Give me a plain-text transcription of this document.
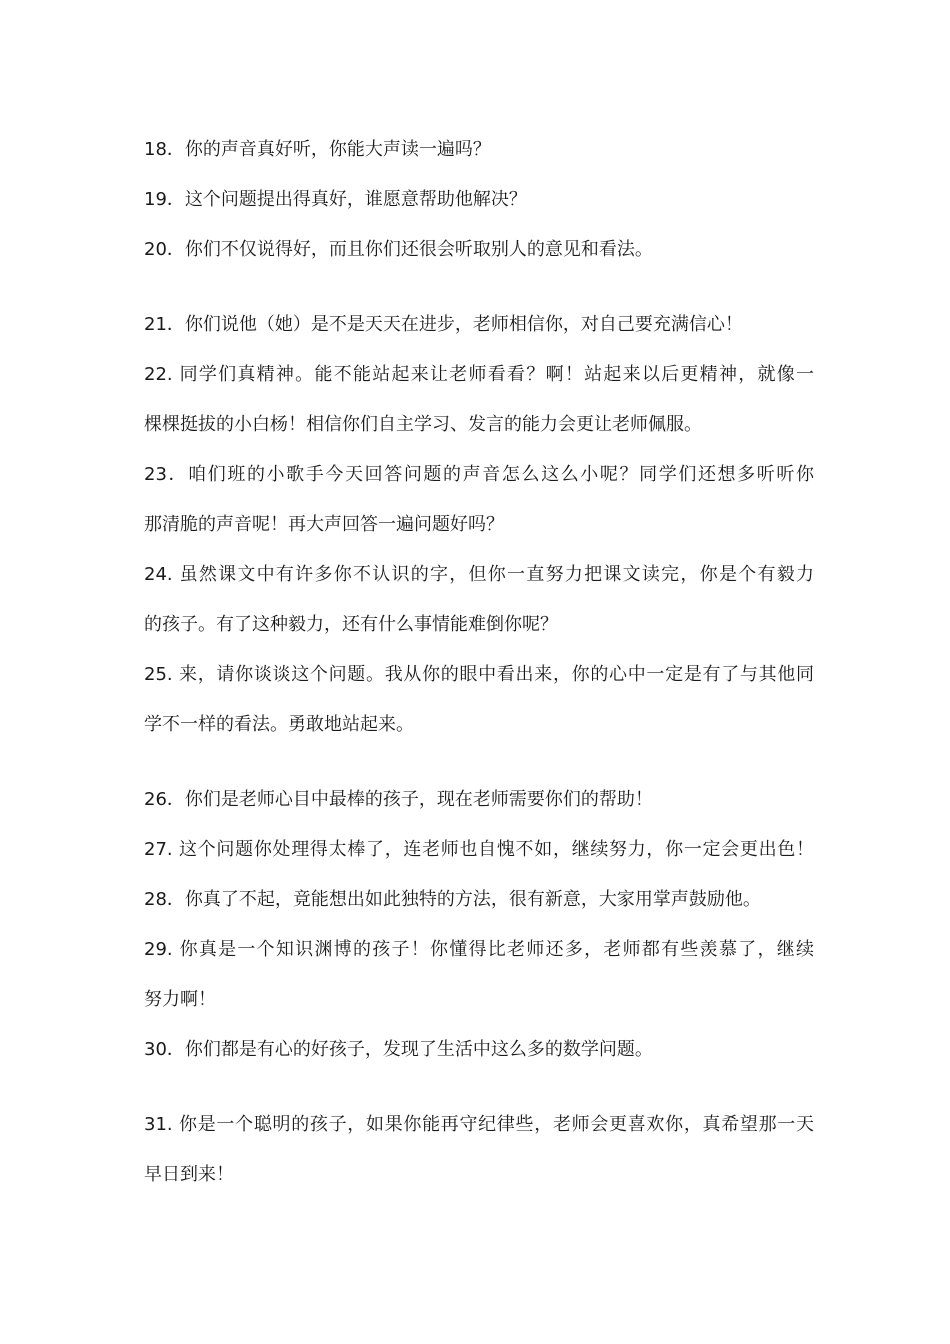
18．你的声音真好听，你能大声读一遍吗？
19．这个问题提出得真好，谁愿意帮助他解决？
20．你们不仅说得好，而且你们还很会听取别人的意见和看法。
21．你们说他（她）是不是天天在进步，老师相信你，对自己要充满信心！
22. 同学们真精神。能不能站起来让老师看看？啊！站起来以后更精神，就像一
棵棵挺拔的小白杨！相信你们自主学习、发言的能力会更让老师佩服。
23．咱们班的小歌手今天回答问题的声音怎么这么小呢？同学们还想多听听你
那清脆的声音呢！再大声回答一遍问题好吗？
24. 虽然课文中有许多你不认识的字，但你一直努力把课文读完，你是个有毅力
的孩子。有了这种毅力，还有什么事情能难倒你呢？
25. 来，请你谈谈这个问题。我从你的眼中看出来，你的心中一定是有了与其他同
学不一样的看法。勇敢地站起来。
26．你们是老师心目中最棒的孩子，现在老师需要你们的帮助！
27. 这个问题你处理得太棒了，连老师也自愧不如，继续努力，你一定会更出色！
28．你真了不起，竟能想出如此独特的方法，很有新意，大家用掌声鼓励他。
29. 你真是一个知识渊博的孩子！你懂得比老师还多，老师都有些羡慕了，继续
努力啊！
30．你们都是有心的好孩子，发现了生活中这么多的数学问题。
31. 你是一个聪明的孩子，如果你能再守纪律些，老师会更喜欢你，真希望那一天
早日到来！
